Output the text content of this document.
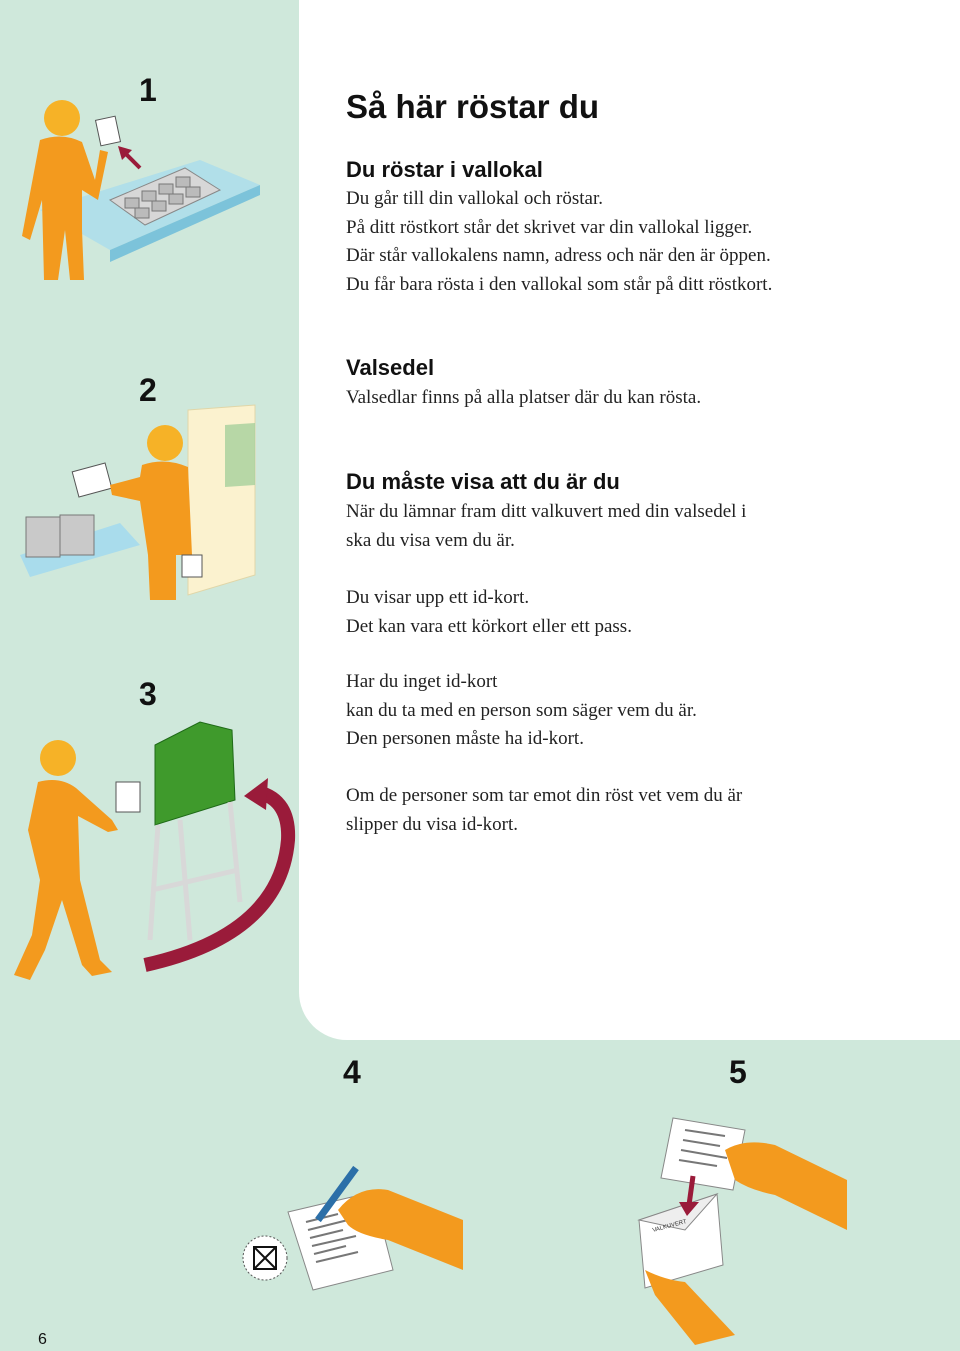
1
2
3
4	5
Så här röstar du
Du röstar i vallokal
Du går till din vallokal och röstar.
På ditt röstkort står det skrivet var din vallokal ligger.
Där står vallokalens namn, adress och när den är öppen.
Du får bara rösta i den vallokal som står på ditt röstkort.
Valsedel
Valsedlar finns på alla platser där du kan rösta.
Du måste visa att du är du
När du lämnar fram ditt valkuvert med din valsedel i
ska du visa vem du är.
Du visar upp ett id-kort.
Det kan vara ett körkort eller ett pass.
Har du inget id-kort
kan du ta med en person som säger vem du är.
Den personen måste ha id-kort.
Om de personer som tar emot din röst vet vem du är
slipper du visa id-kort.
VALKUVERT
6
